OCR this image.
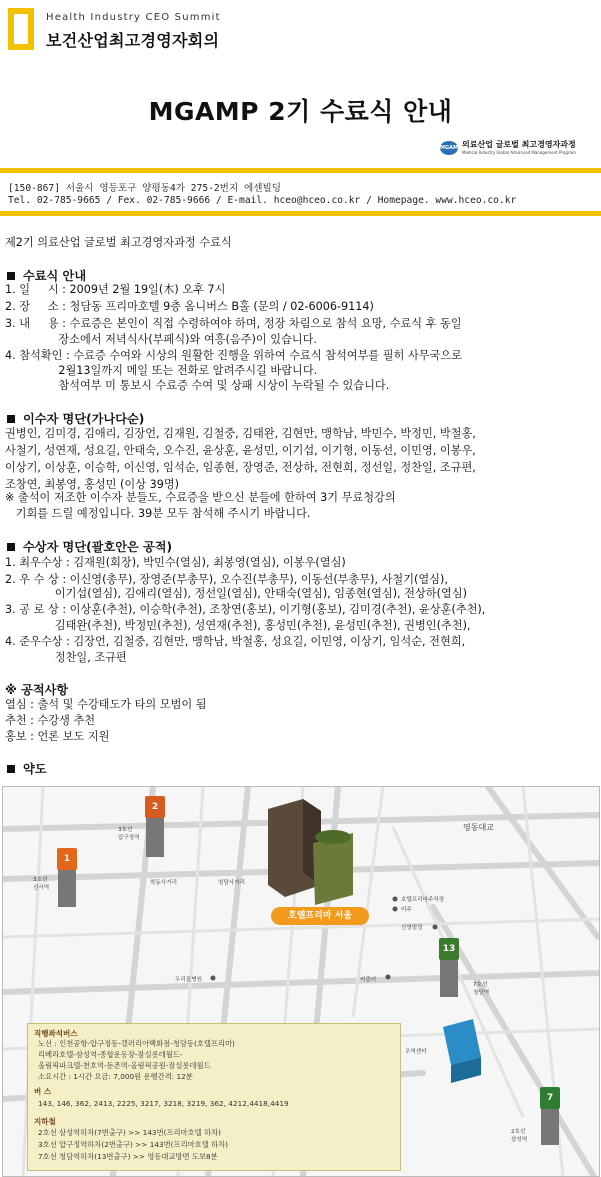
Health Industry CEO Summit
보건산업최고경영자회의
MGAMP 2기 수료식 안내
MGAMP 의료산업 글로벌 최고경영자과정
Medical·Industry Global Advanced Management Program
[150-867] 서울시 영등포구 양평동4가 275-2번지 에센빌딩
Tel. 02-785-9665 / Fex. 02-785-9666 / E-mail. hceo@hceo.co.kr / Homepage. www.hceo.co.kr
제2기 의료산업 글로벌 최고경영자과정 수료식
수료식 안내
1. 일     시 : 2009년 2월 19일(木) 오후 7시
2. 장     소 : 청담동 프리마호텔 9층 옴니버스 B홀 (문의 / 02-6006-9114)
3. 내     용 : 수료증은 본인이 직접 수령하여야 하며, 정장 차림으로 참석 요망, 수료식 후 동일
장소에서 저녁식사(부페식)와 여흥(음주)이 있습니다.
4. 참석확인 : 수료증 수여와 시상의 원활한 진행을 위하여 수료식 참석여부를 필히 사무국으로
2월13일까지 메일 또는 전화로 알려주시길 바랍니다.
참석여부 미 통보시 수료증 수여 및 상패 시상이 누락될 수 있습니다.
이수자 명단(가나다순)
권병인, 김미경, 김애리, 김장언, 김재원, 김철중, 김태완, 김현만, 맹학남, 박민수, 박정민, 박철홍,
사철기, 성연재, 성요길, 안태숙, 오수진, 윤상훈, 윤성민, 이기섭, 이기형, 이동선, 이민영, 이봉우,
이상기, 이상훈, 이승학, 이신영, 임석순, 임종현, 장영준, 전상하, 전현희, 정선일, 정찬일, 조규편,
조창연, 최봉영, 홍성민 (이상 39명)
※ 출석이 저조한 이수자 분들도, 수료증을 받으신 분들에 한하여 3기 무료청강의
기회를 드릴 예정입니다. 39분 모두 참석해 주시기 바랍니다.
수상자 명단(괄호안은 공적)
1. 최우수상 : 김재원(회장), 박민수(열심), 최봉영(열심), 이봉우(열심)
2. 우 수 상 : 이신영(총무), 장영준(부총무), 오수진(부총무), 이동선(부총무), 사철기(열심),
이기섭(열심), 김애리(열심), 정선일(열심), 안태숙(열심), 임종현(열심), 전상하(열심)
3. 공 로 상 : 이상훈(추천), 이승학(추천), 조창연(홍보), 이기형(홍보), 김미경(추천), 윤상훈(추천),
김태완(추천), 박정민(추천), 성연재(추천), 홍성민(추천), 윤성민(추천), 권병인(추천),
4. 준우수상 : 김장언, 김철중, 김현만, 맹학남, 박철홍, 성요길, 이민영, 이상기, 임석순, 전현희,
정찬일, 조규편
※ 공적사항
열심 : 출석 및 수강태도가 타의 모범이 됨
추천 : 수강생 추천
홍보 : 언론 보도 지원
약도
1
2
13
7
3호선
신사역
3호선
압구정역
7호선
청담역
2호선
삼성역
영동대교
학동사거리	청담사거리
호텔프리마 서울
호텔프리마주차장
미주
신영빌딩
우리들병원	씨즐러
우역센터
직행좌석버스
노선 : 인천공항-압구정동-갤러리아백화점-청담동(호텔프리마)
리베라호텔-삼성역-종합운동장-잠실롯데월드-
올림픽파크텔-천호역-둔촌역-올림픽공원-잠실롯데월드
소요시간 : 1시간 요금: 7,000원 운행간격: 12분
버 스
143, 146, 362, 2413, 2225, 3217, 3218, 3219, 362, 4212,4418,4419
지하철
2호선 삼성역하차(7번출구) >> 143번(프리마호텔 하차)
3호선 압구정역하차(2번출구) >> 143번(프리마호텔 하차)
7호선 청담역하차(13번출구) >> 영동대교방면 도보8분
